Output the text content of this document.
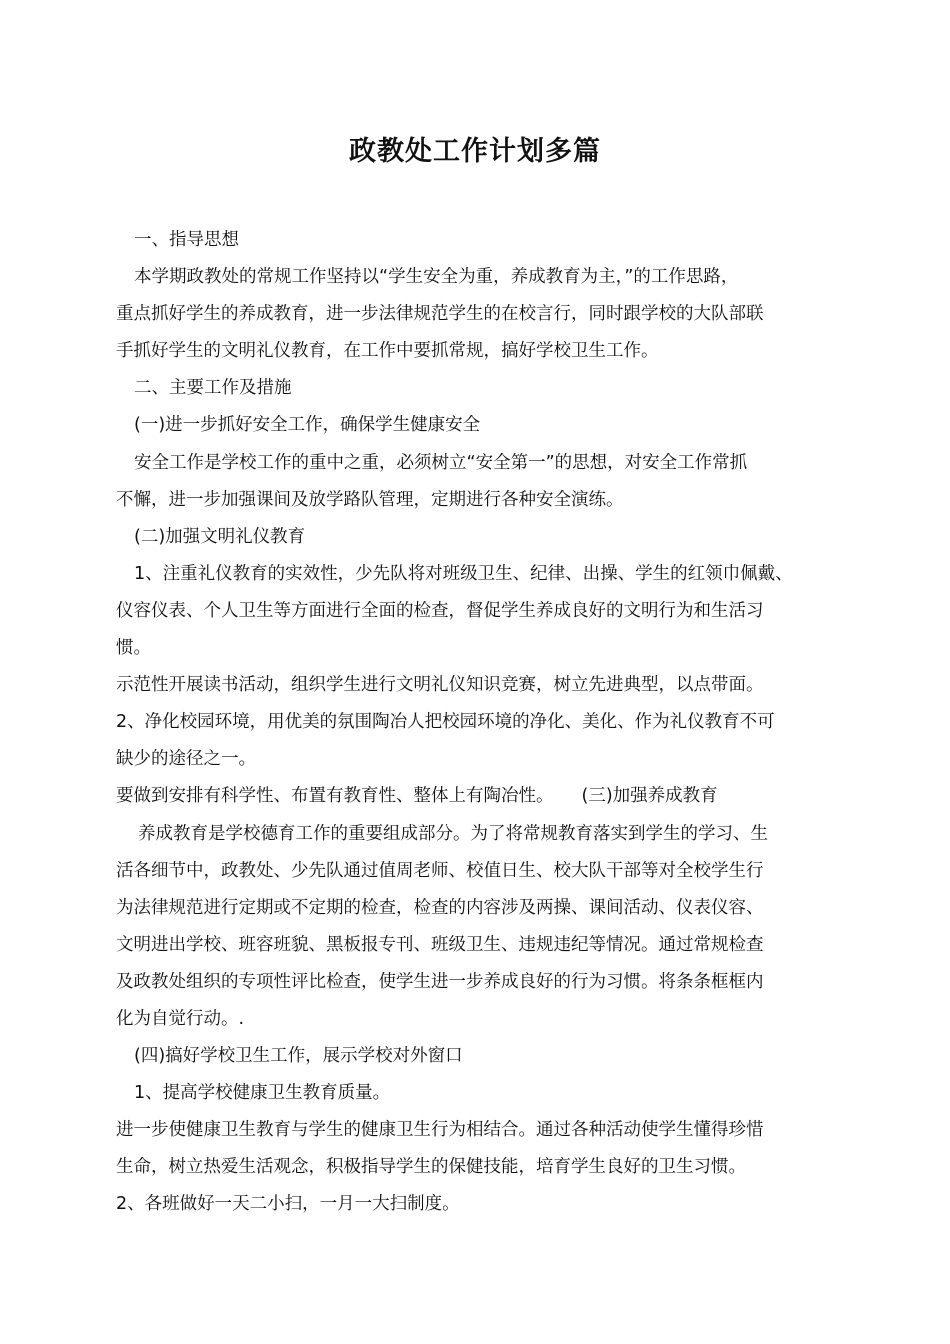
政教处工作计划多篇
一、指导思想
本学期政教处的常规工作坚持以“学生安全为重，养成教育为主，”的工作思路，
重点抓好学生的养成教育，进一步法律规范学生的在校言行，同时跟学校的大队部联
手抓好学生的文明礼仪教育，在工作中要抓常规，搞好学校卫生工作。
二、主要工作及措施
(一)进一步抓好安全工作，确保学生健康安全
安全工作是学校工作的重中之重，必须树立“安全第一”的思想，对安全工作常抓
不懈，进一步加强课间及放学路队管理，定期进行各种安全演练。
(二)加强文明礼仪教育
1、注重礼仪教育的实效性，少先队将对班级卫生、纪律、出操、学生的红领巾佩戴、
仪容仪表、个人卫生等方面进行全面的检查，督促学生养成良好的文明行为和生活习
惯。
示范性开展读书活动，组织学生进行文明礼仪知识竞赛，树立先进典型，以点带面。
2、净化校园环境，用优美的氛围陶冶人把校园环境的净化、美化、作为礼仪教育不可
缺少的途径之一。
要做到安排有科学性、布置有教育性、整体上有陶冶性。 (三)加强养成教育
养成教育是学校德育工作的重要组成部分。为了将常规教育落实到学生的学习、生
活各细节中，政教处、少先队通过值周老师、校值日生、校大队干部等对全校学生行
为法律规范进行定期或不定期的检查，检查的内容涉及两操、课间活动、仪表仪容、
文明进出学校、班容班貌、黑板报专刊、班级卫生、违规违纪等情况。通过常规检查
及政教处组织的专项性评比检查，使学生进一步养成良好的行为习惯。将条条框框内
化为自觉行动。.
(四)搞好学校卫生工作，展示学校对外窗口
1、提高学校健康卫生教育质量。
进一步使健康卫生教育与学生的健康卫生行为相结合。通过各种活动使学生懂得珍惜
生命，树立热爱生活观念，积极指导学生的保健技能，培育学生良好的卫生习惯。
2、各班做好一天二小扫，一月一大扫制度。
